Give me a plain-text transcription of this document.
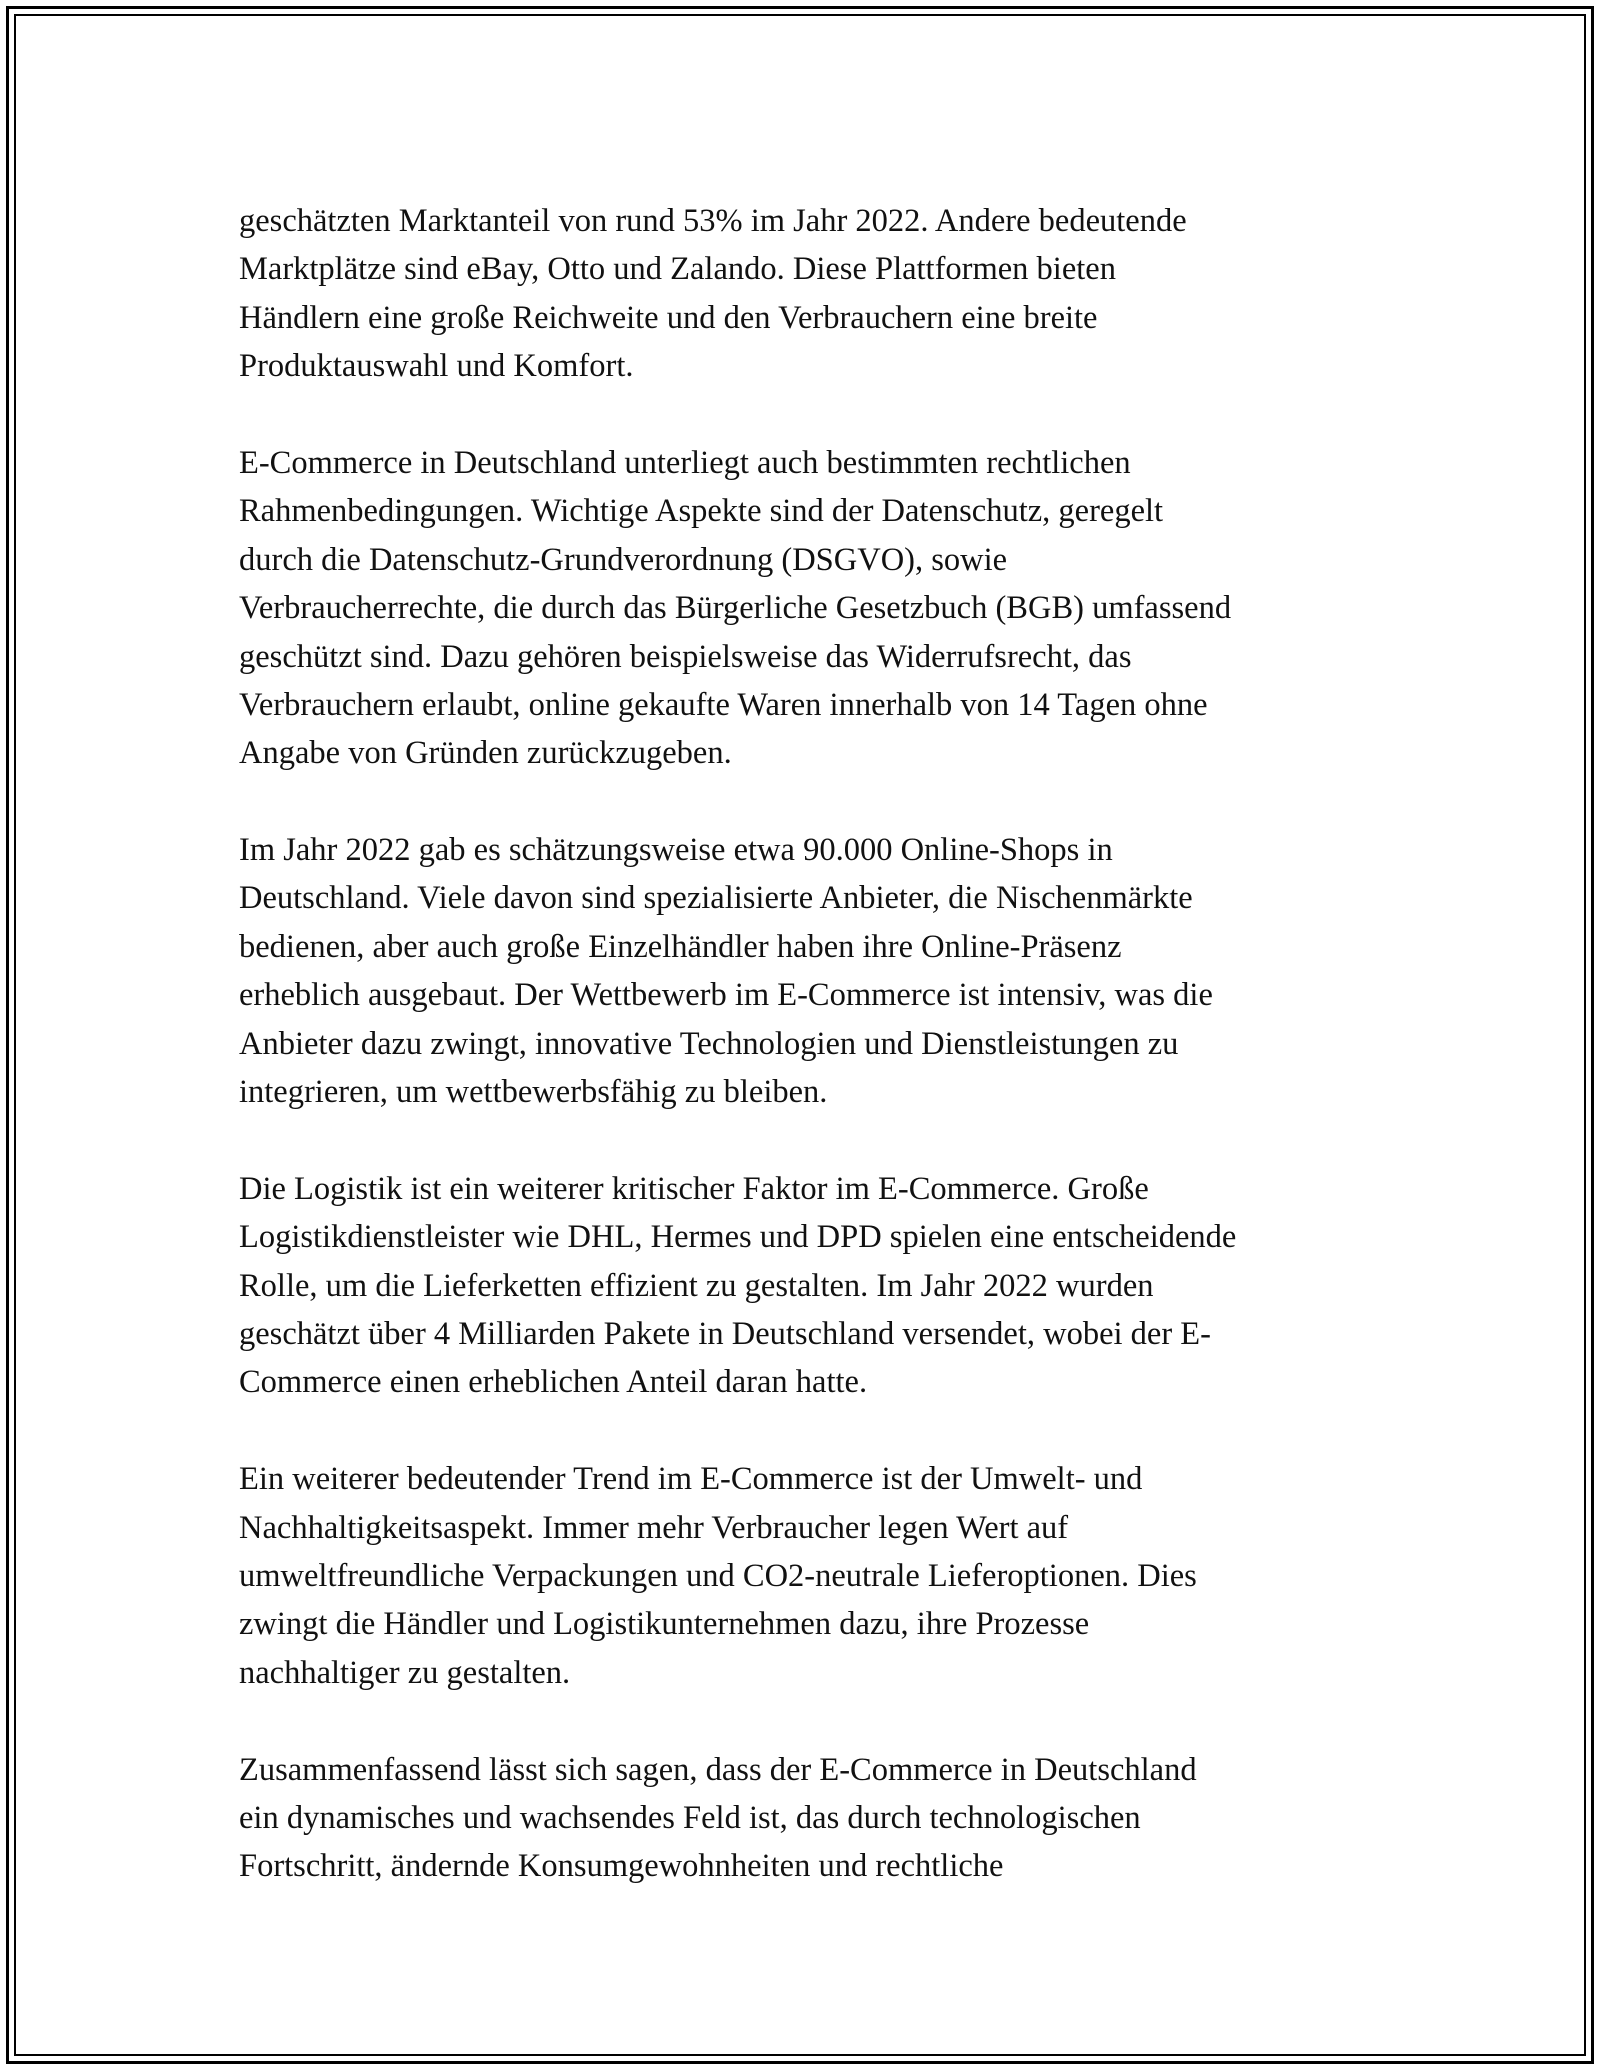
geschätzten Marktanteil von rund 53% im Jahr 2022. Andere bedeutende
Marktplätze sind eBay, Otto und Zalando. Diese Plattformen bieten
Händlern eine große Reichweite und den Verbrauchern eine breite
Produktauswahl und Komfort.

E-Commerce in Deutschland unterliegt auch bestimmten rechtlichen
Rahmenbedingungen. Wichtige Aspekte sind der Datenschutz, geregelt
durch die Datenschutz-Grundverordnung (DSGVO), sowie
Verbraucherrechte, die durch das Bürgerliche Gesetzbuch (BGB) umfassend
geschützt sind. Dazu gehören beispielsweise das Widerrufsrecht, das
Verbrauchern erlaubt, online gekaufte Waren innerhalb von 14 Tagen ohne
Angabe von Gründen zurückzugeben.

Im Jahr 2022 gab es schätzungsweise etwa 90.000 Online-Shops in
Deutschland. Viele davon sind spezialisierte Anbieter, die Nischenmärkte
bedienen, aber auch große Einzelhändler haben ihre Online-Präsenz
erheblich ausgebaut. Der Wettbewerb im E-Commerce ist intensiv, was die
Anbieter dazu zwingt, innovative Technologien und Dienstleistungen zu
integrieren, um wettbewerbsfähig zu bleiben.

Die Logistik ist ein weiterer kritischer Faktor im E-Commerce. Große
Logistikdienstleister wie DHL, Hermes und DPD spielen eine entscheidende
Rolle, um die Lieferketten effizient zu gestalten. Im Jahr 2022 wurden
geschätzt über 4 Milliarden Pakete in Deutschland versendet, wobei der E-
Commerce einen erheblichen Anteil daran hatte.

Ein weiterer bedeutender Trend im E-Commerce ist der Umwelt- und
Nachhaltigkeitsaspekt. Immer mehr Verbraucher legen Wert auf
umweltfreundliche Verpackungen und CO2-neutrale Lieferoptionen. Dies
zwingt die Händler und Logistikunternehmen dazu, ihre Prozesse
nachhaltiger zu gestalten.

Zusammenfassend lässt sich sagen, dass der E-Commerce in Deutschland
ein dynamisches und wachsendes Feld ist, das durch technologischen
Fortschritt, ändernde Konsumgewohnheiten und rechtliche
